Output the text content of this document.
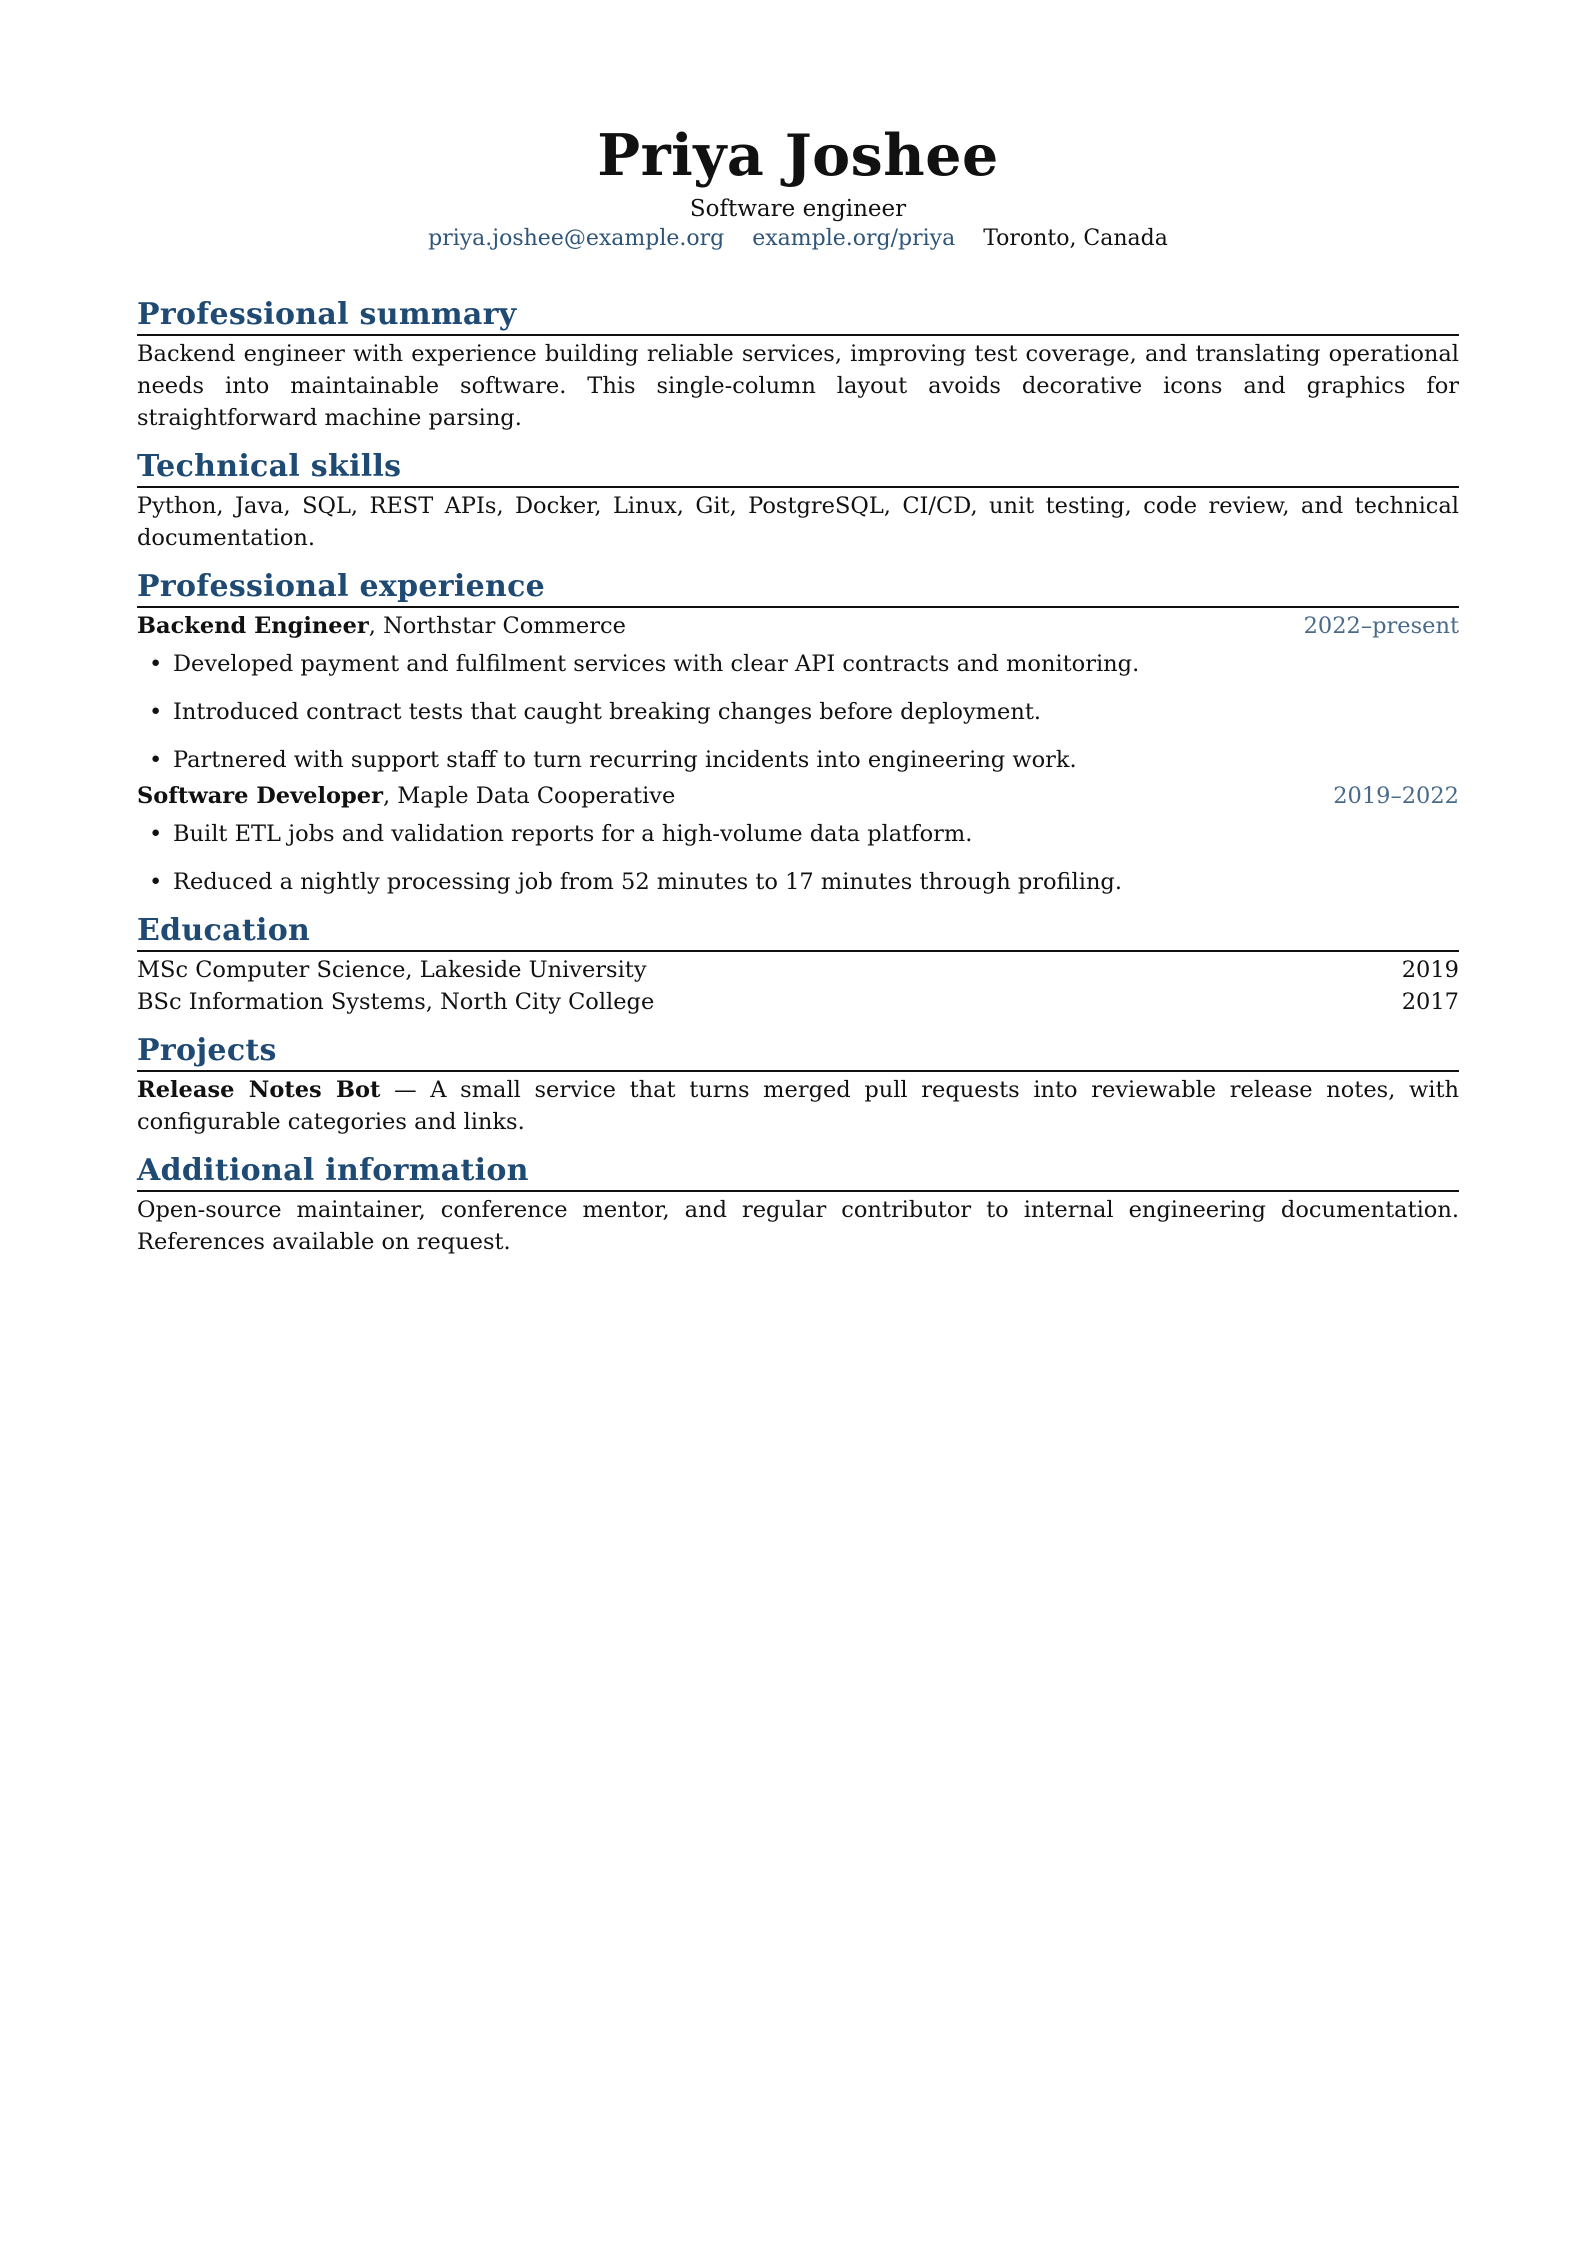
Priya Joshee
Software engineer
priya.joshee@example.org example.org/priya Toronto, Canada
Professional summary

Backend engineer with experience building reliable services, improving test coverage, and translating operational needs into maintainable software. This single-column layout avoids decorative icons and graphics for straightforward machine parsing.

Technical skills

Python, Java, SQL, REST APIs, Docker, Linux, Git, PostgreSQL, CI/CD, unit testing, code review, and technical documentation.

Professional experience
Backend Engineer, Northstar Commerce	2022–present
• Developed payment and fulfilment services with clear API contracts and monitoring.
• Introduced contract tests that caught breaking changes before deployment.
• Partnered with support staff to turn recurring incidents into engineering work.
Software Developer, Maple Data Cooperative	2019–2022
• Built ETL jobs and validation reports for a high-volume data platform.
• Reduced a nightly processing job from 52 minutes to 17 minutes through profiling.
Education
MSc Computer Science, Lakeside University	2019
BSc Information Systems, North City College	2017
Projects

Release Notes Bot — A small service that turns merged pull requests into reviewable release notes, with configurable categories and links.

Additional information

Open-source maintainer, conference mentor, and regular contributor to internal engineering documentation. References available on request.
